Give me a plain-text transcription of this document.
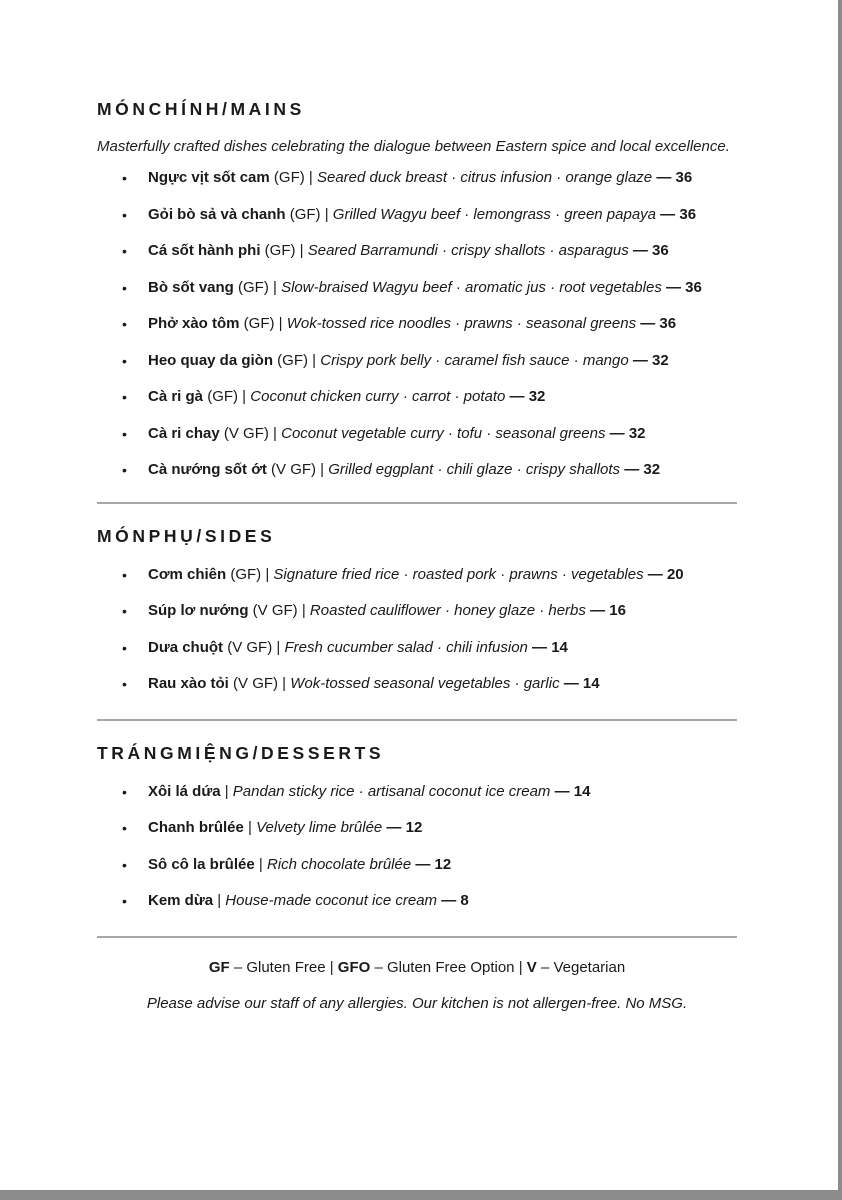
MÓNCHÍNH/MAINS

Masterfully crafted dishes celebrating the dialogue between Eastern spice and local excellence.

• Ngực vịt sốt cam (GF) | Seared duck breast · citrus infusion · orange glaze — 36
• Gỏi bò sả và chanh (GF) | Grilled Wagyu beef · lemongrass · green papaya — 36
• Cá sốt hành phi (GF) | Seared Barramundi · crispy shallots · asparagus — 36
• Bò sốt vang (GF) | Slow-braised Wagyu beef · aromatic jus · root vegetables — 36
• Phở xào tôm (GF) | Wok-tossed rice noodles · prawns · seasonal greens — 36
• Heo quay da giòn (GF) | Crispy pork belly · caramel fish sauce · mango — 32
• Cà ri gà (GF) | Coconut chicken curry · carrot · potato — 32
• Cà ri chay (V GF) | Coconut vegetable curry · tofu · seasonal greens — 32
• Cà nướng sốt ớt (V GF) | Grilled eggplant · chili glaze · crispy shallots — 32
MÓNPHỤ/SIDES
• Cơm chiên (GF) | Signature fried rice · roasted pork · prawns · vegetables — 20
• Súp lơ nướng (V GF) | Roasted cauliflower · honey glaze · herbs — 16
• Dưa chuột (V GF) | Fresh cucumber salad · chili infusion — 14
• Rau xào tỏi (V GF) | Wok-tossed seasonal vegetables · garlic — 14
TRÁNGMIỆNG/DESSERTS
• Xôi lá dứa | Pandan sticky rice · artisanal coconut ice cream — 14
• Chanh brûlée | Velvety lime brûlée — 12
• Sô cô la brûlée | Rich chocolate brûlée — 12
• Kem dừa | House-made coconut ice cream — 8
GF – Gluten Free | GFO – Gluten Free Option | V – Vegetarian

Please advise our staff of any allergies. Our kitchen is not allergen-free. No MSG.
